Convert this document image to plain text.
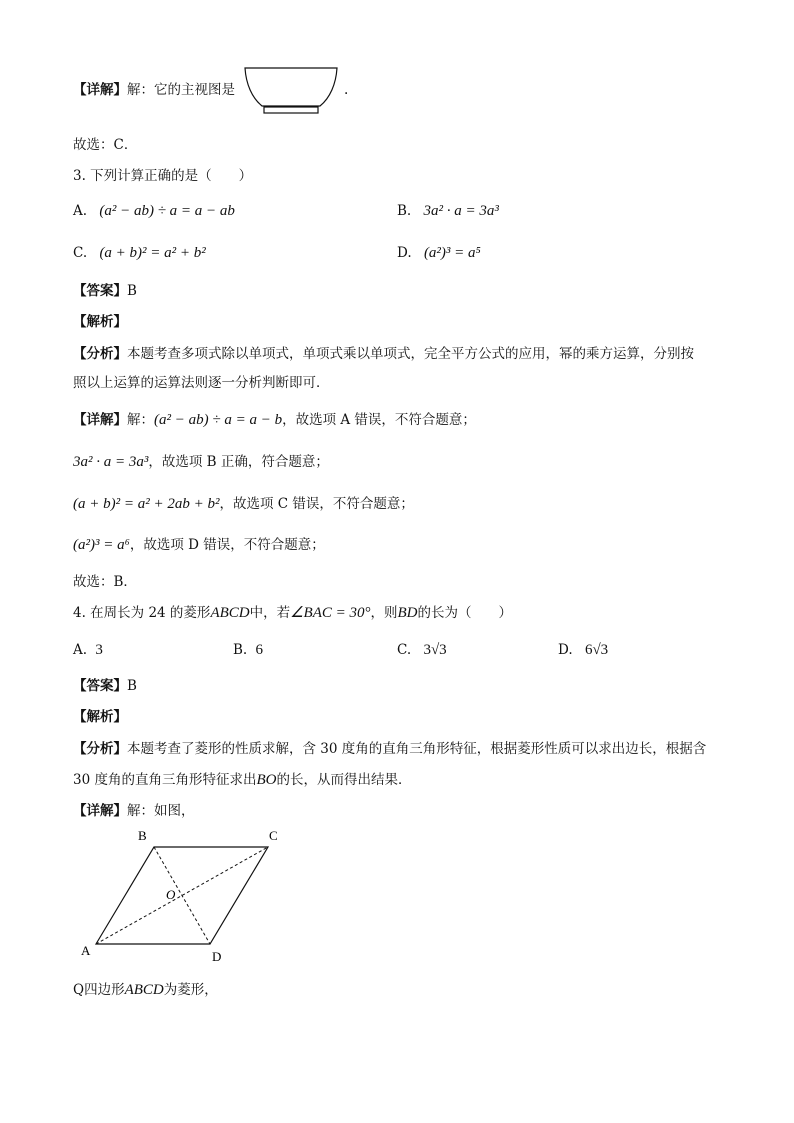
【详解】解：它的主视图是	.
故选：C．
3. 下列计算正确的是（　　）
A. (a² − ab) ÷ a = a − ab	B. 3a² · a = 3a³
C. (a + b)² = a² + b²	D. (a²)³ = a⁵
【答案】B
【解析】
【分析】本题考查多项式除以单项式，单项式乘以单项式，完全平方公式的应用，幂的乘方运算，分别按
照以上运算的运算法则逐一分析判断即可．
【详解】解：(a² − ab) ÷ a = a − b，故选项 A 错误，不符合题意；
3a² · a = 3a³，故选项 B 正确，符合题意；
(a + b)² = a² + 2ab + b²，故选项 C 错误，不符合题意；
(a²)³ = a⁶，故选项 D 错误，不符合题意；
故选：B．
4. 在周长为 24 的菱形ABCD中，若∠BAC = 30°，则BD的长为（　　）
A. 3	B. 6	C. 3√3	D. 6√3
【答案】B
【解析】
【分析】本题考查了菱形的性质求解，含 30 度角的直角三角形特征，根据菱形性质可以求出边长，根据含
30 度角的直角三角形特征求出BO的长，从而得出结果．
【详解】解：如图，
B	C
A	D
O
Q四边形ABCD为菱形，
